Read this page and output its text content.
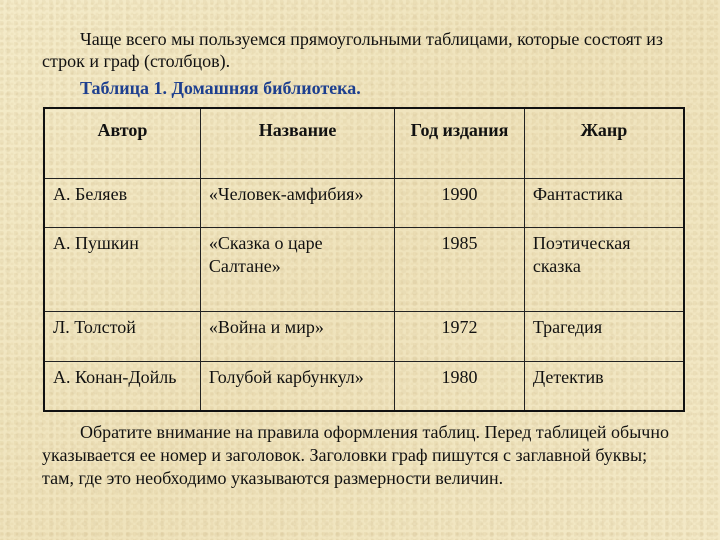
Чаще всего мы пользуемся прямоугольными таблицами, которые состоят из строк и граф (столбцов).

Таблица 1. Домашняя библиотека.

Автор	Название	Год издания	Жанр
А. Беляев	«Человек-амфибия»	1990	Фантастика
А. Пушкин	«Сказка о царе Салтане»	1985	Поэтическая сказка
Л. Толстой	«Война и мир»	1972	Трагедия
А. Конан-Дойль	Голубой карбункул»	1980	Детектив

Обратите внимание на правила оформления таблиц. Перед таблицей обычно указывается ее номер и заголовок. Заголовки граф пишутся с заглавной буквы; там, где это необходимо указываются размерности величин.
